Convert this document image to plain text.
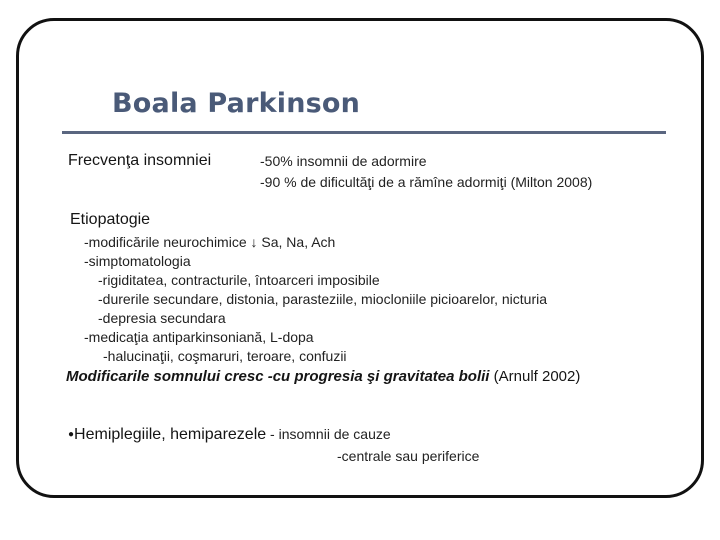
Boala Parkinson
Frecvenţa insomniei	-50% insomnii de adormire
-90 % de dificultăţi de a rămîne adormiţi (Milton 2008)
Etiopatogie
-modificările neurochimice ↓ Sa, Na, Ach
-simptomatologia
-rigiditatea, contracturile, întoarceri imposibile
-durerile secundare, distonia, parasteziile, miocloniile picioarelor, nicturia
-depresia secundara
-medicaţia antiparkinsoniană, L-dopa
-halucinaţii, coşmaruri, teroare, confuzii
Modificarile somnului cresc -cu progresia şi gravitatea bolii (Arnulf 2002)
●Hemiplegiile, hemiparezele - insomnii de cauze
-centrale sau periferice
